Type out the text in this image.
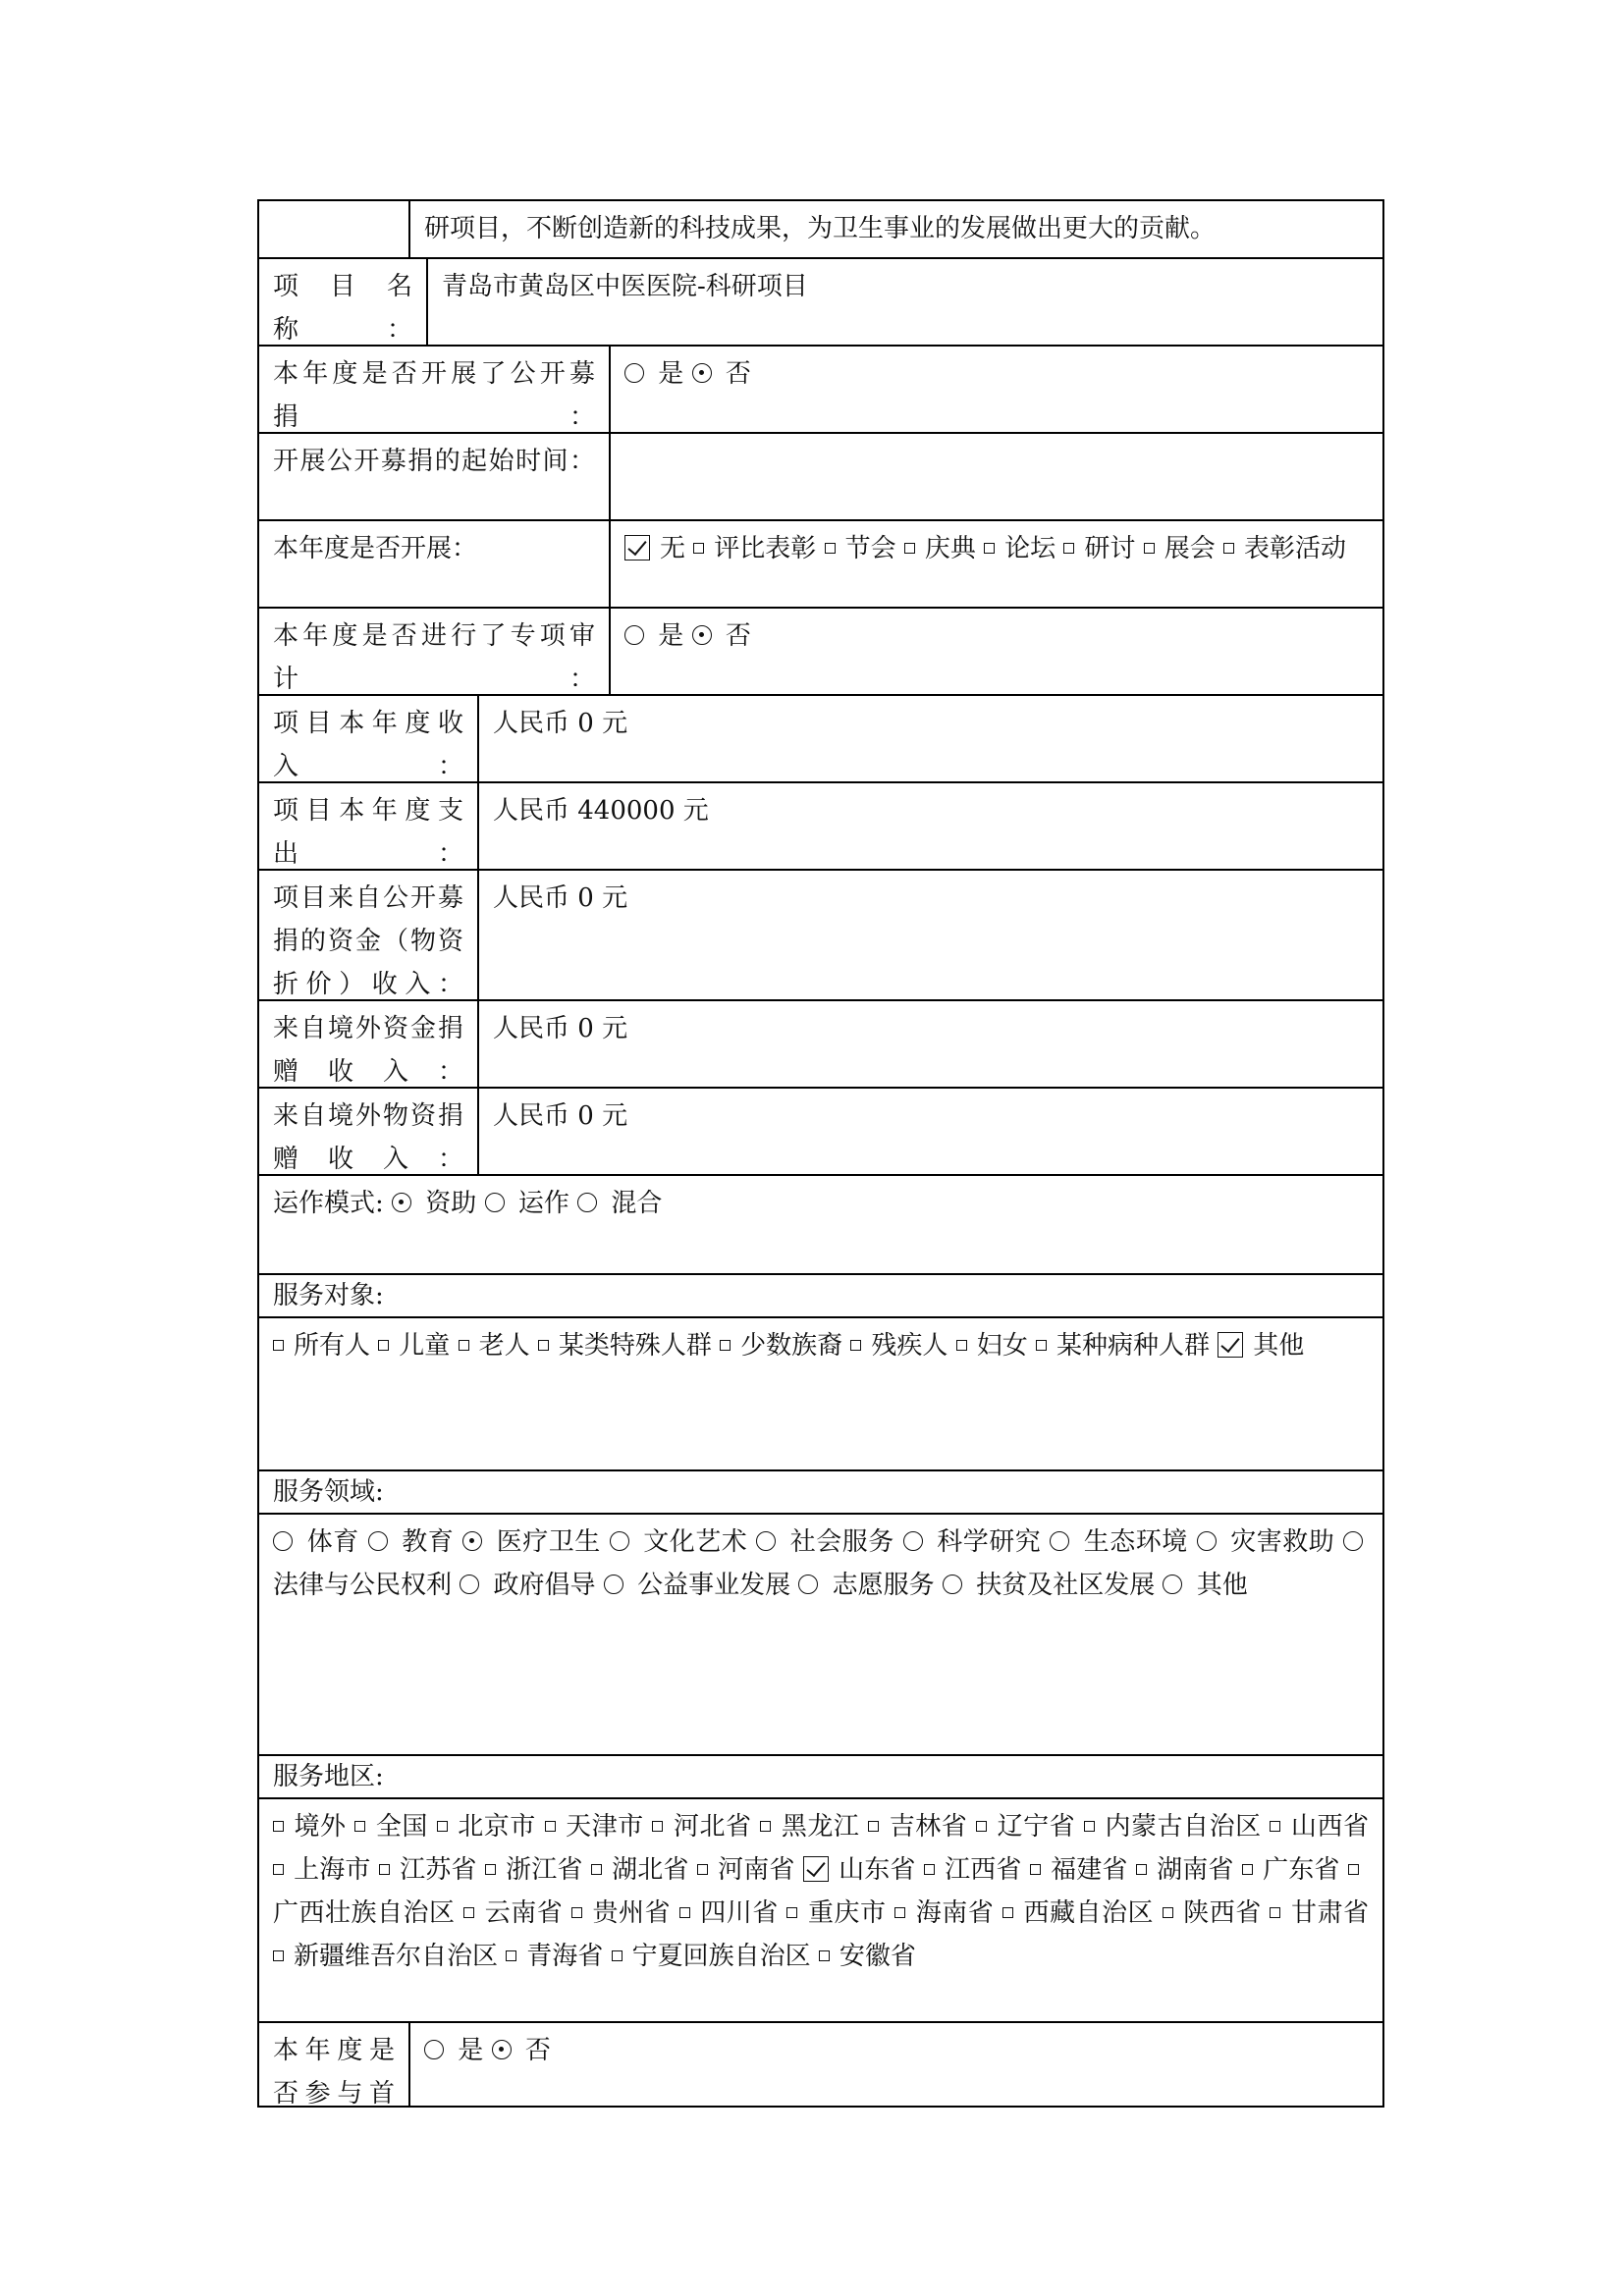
研项目，不断创造新的科技成果，为卫生事业的发展做出更大的贡献。
项　目　名　称　：
青岛市黄岛区中医医院-科研项目
本年度是否开展了公开募捐：
是 否
开展公开募捐的起始时间：
本年度是否开展：	无 评比表彰 节会 庆典 论坛 研讨 展会 表彰活动
本年度是否进行了专项审计：
是 否
项目本年度收入：
人民币 0 元
项目本年度支出：
人民币 440000 元
项目来自公开募捐的资金（物资折价）收入：
人民币 0 元
来自境外资金捐赠收入：
人民币 0 元
来自境外物资捐赠收入：
人民币 0 元
运作模式: 资助 运作 混合
服务对象:
所有人 儿童 老人 某类特殊人群 少数族裔 残疾人 妇女 某种病种人群 其他
服务领域:
体育 教育 医疗卫生 文化艺术 社会服务 科学研究 生态环境 灾害救助  法律与公民权利 政府倡导 公益事业发展 志愿服务 扶贫及社区发展 其他
服务地区:
境外 全国 北京市 天津市 河北省 黑龙江 吉林省 辽宁省 内蒙古自治区 山西省 上海市 江苏省 浙江省 湖北省 河南省 山东省 江西省 福建省 湖南省 广东省 广西壮族自治区 云南省 贵州省 四川省 重庆市 海南省 西藏自治区 陕西省 甘肃省 新疆维吾尔自治区 青海省 宁夏回族自治区 安徽省
本年度是否参与首
是 否
